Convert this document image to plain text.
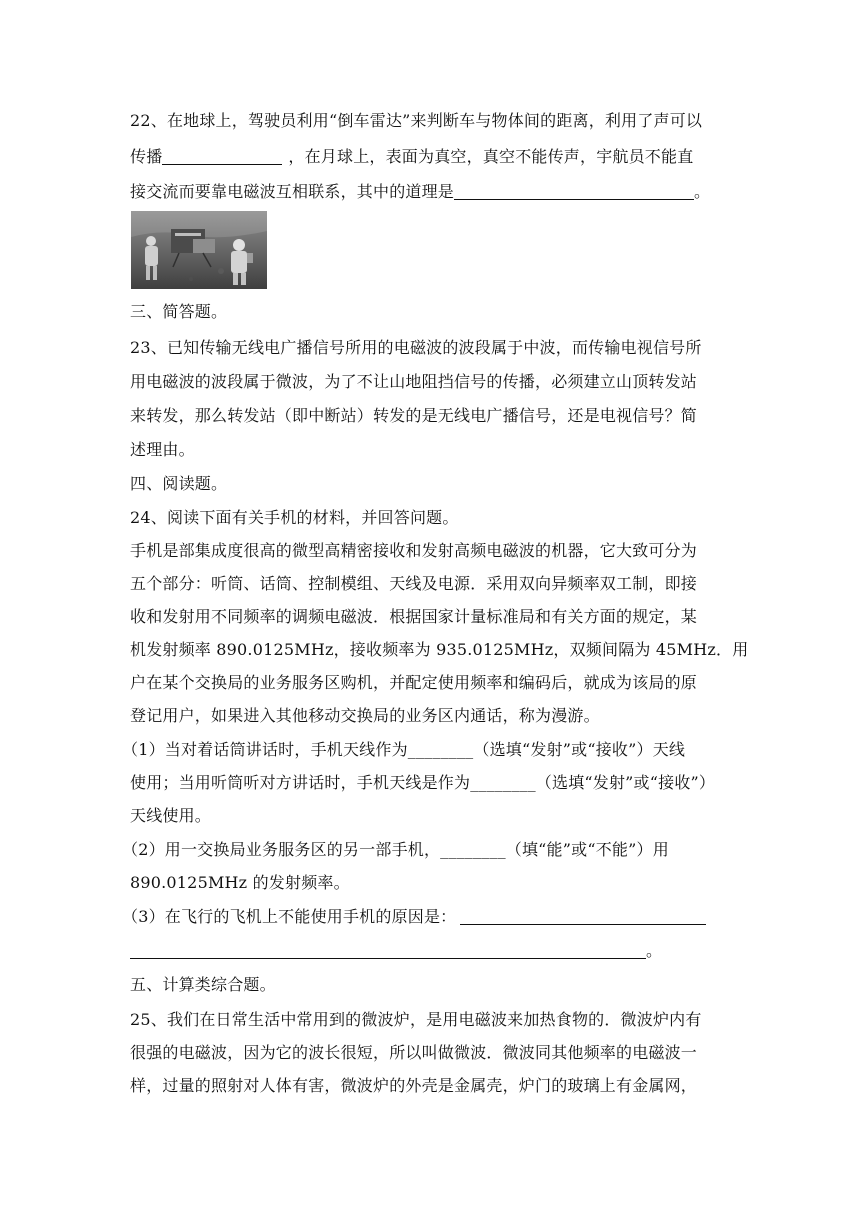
22、在地球上，驾驶员利用“倒车雷达”来判断车与物体间的距离，利用了声可以
传播	，在月球上，表面为真空，真空不能传声，宇航员不能直
接交流而要靠电磁波互相联系，其中的道理是	。
三、简答题。
23、已知传输无线电广播信号所用的电磁波的波段属于中波，而传输电视信号所
用电磁波的波段属于微波，为了不让山地阻挡信号的传播，必须建立山顶转发站
来转发，那么转发站（即中断站）转发的是无线电广播信号，还是电视信号？简
述理由。
四、阅读题。
24、阅读下面有关手机的材料，并回答问题。
手机是部集成度很高的微型高精密接收和发射高频电磁波的机器，它大致可分为
五个部分：听筒、话筒、控制模组、天线及电源．采用双向异频率双工制，即接
收和发射用不同频率的调频电磁波．根据国家计量标准局和有关方面的规定，某
机发射频率 890.0125MHz，接收频率为 935.0125MHz，双频间隔为 45MHz．用
户在某个交换局的业务服务区购机，并配定使用频率和编码后，就成为该局的原
登记用户，如果进入其他移动交换局的业务区内通话，称为漫游。
（1）当对着话筒讲话时，手机天线作为________（选填“发射”或“接收”）天线
使用；当用听筒听对方讲话时，手机天线是作为________（选填“发射”或“接收”）
天线使用。
（2）用一交换局业务服务区的另一部手机，________（填“能”或“不能”）用
890.0125MHz 的发射频率。
（3）在飞行的飞机上不能使用手机的原因是：
。
五、计算类综合题。
25、我们在日常生活中常用到的微波炉，是用电磁波来加热食物的．微波炉内有
很强的电磁波，因为它的波长很短，所以叫做微波．微波同其他频率的电磁波一
样，过量的照射对人体有害，微波炉的外壳是金属壳，炉门的玻璃上有金属网，
